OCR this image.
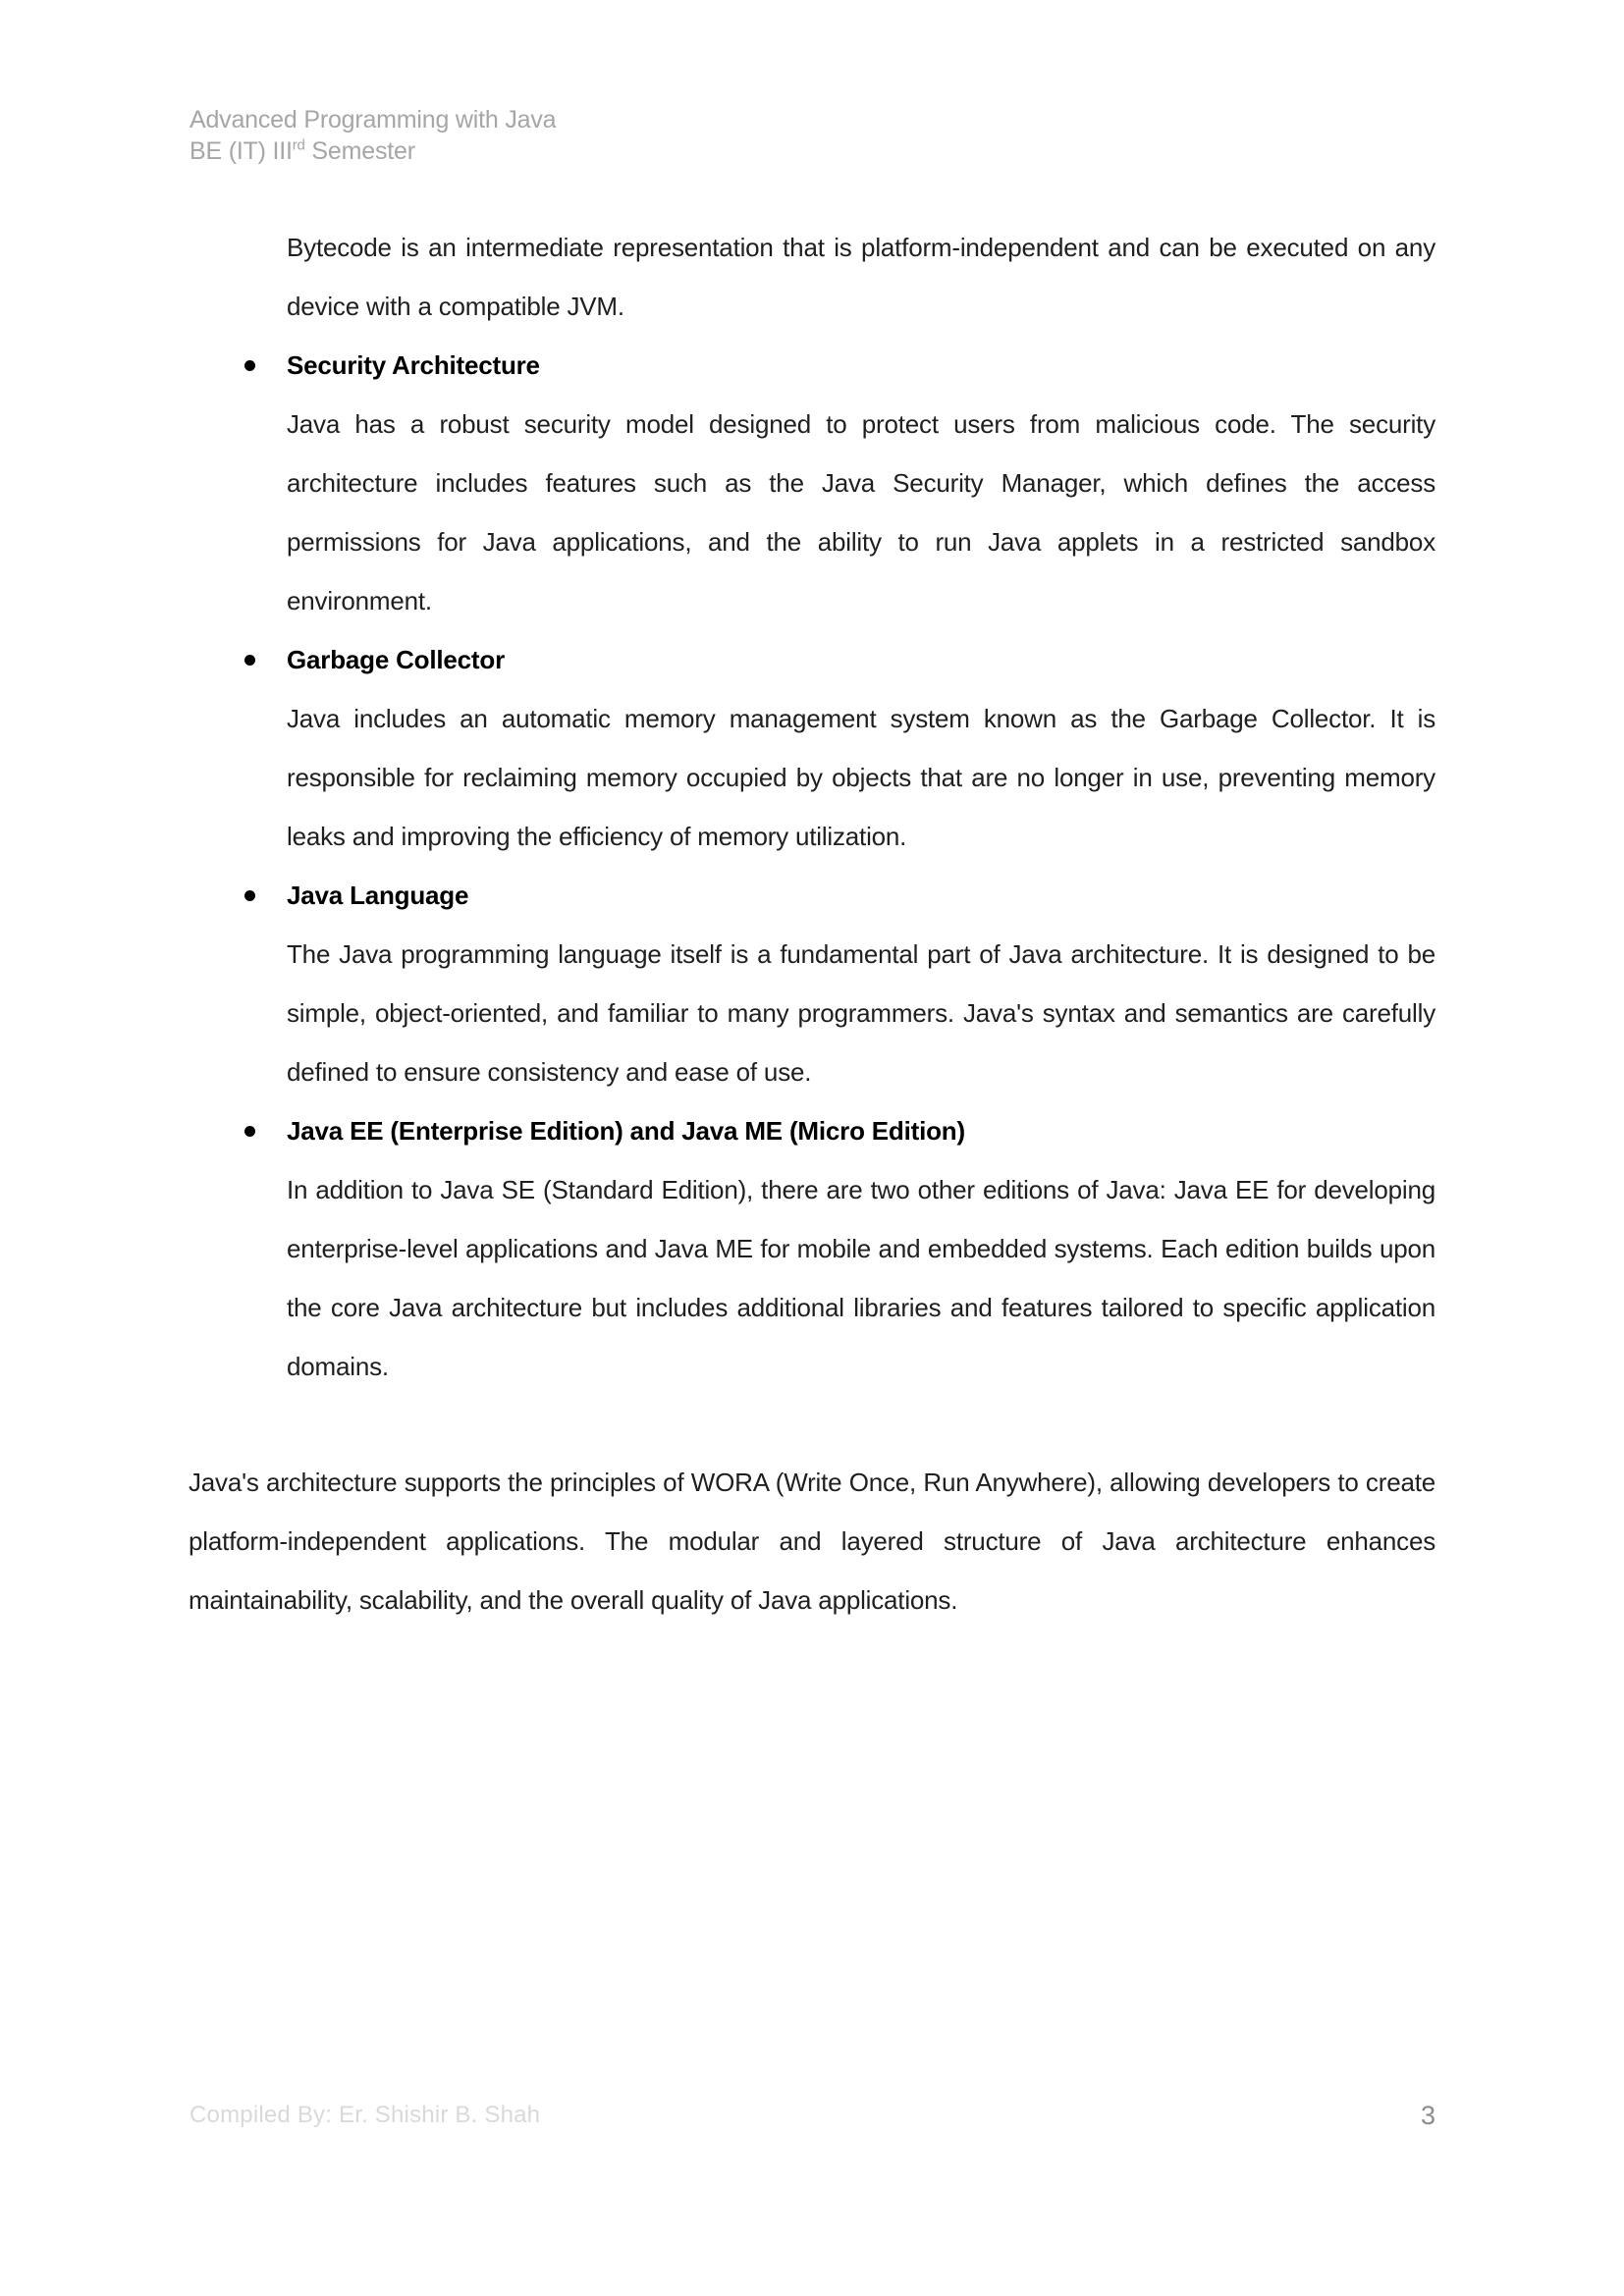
Advanced Programming with Java
BE (IT) IIIrd Semester

Bytecode is an intermediate representation that is platform-independent and can be executed on any device with a compatible JVM.

Security Architecture

Java has a robust security model designed to protect users from malicious code. The security architecture includes features such as the Java Security Manager, which defines the access permissions for Java applications, and the ability to run Java applets in a restricted sandbox environment.

Garbage Collector

Java includes an automatic memory management system known as the Garbage Collector. It is responsible for reclaiming memory occupied by objects that are no longer in use, preventing memory leaks and improving the efficiency of memory utilization.

Java Language

The Java programming language itself is a fundamental part of Java architecture. It is designed to be simple, object-oriented, and familiar to many programmers. Java's syntax and semantics are carefully defined to ensure consistency and ease of use.

Java EE (Enterprise Edition) and Java ME (Micro Edition)

In addition to Java SE (Standard Edition), there are two other editions of Java: Java EE for developing enterprise-level applications and Java ME for mobile and embedded systems. Each edition builds upon the core Java architecture but includes additional libraries and features tailored to specific application domains.

Java's architecture supports the principles of WORA (Write Once, Run Anywhere), allowing developers to create platform-independent applications. The modular and layered structure of Java architecture enhances maintainability, scalability, and the overall quality of Java applications.

Compiled By: Er. Shishir B. Shah	3
